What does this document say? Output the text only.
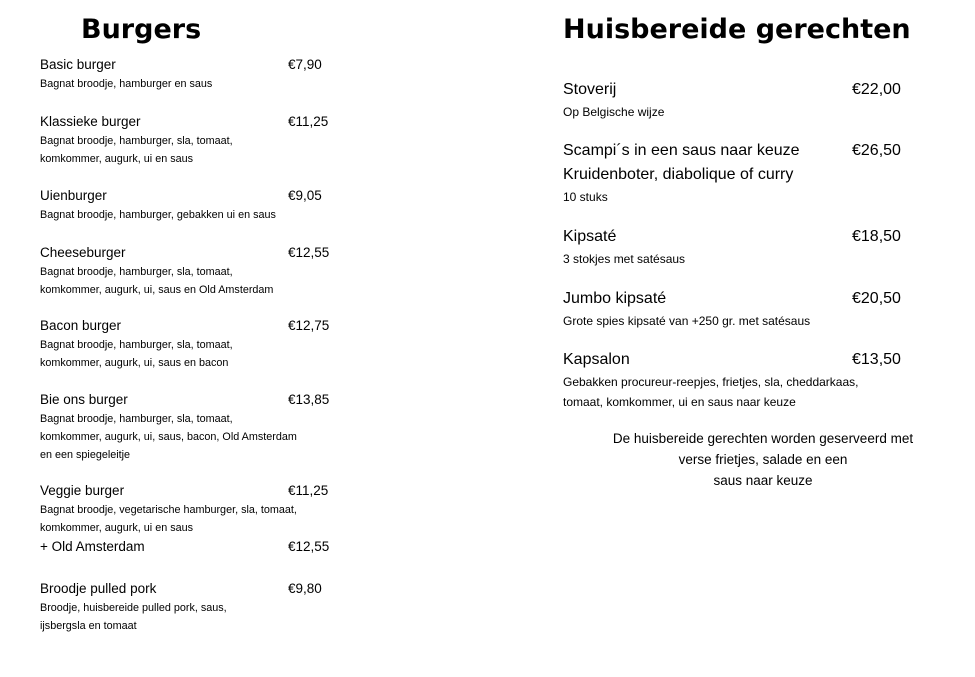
Burgers
Basic burger	€7,90
Bagnat broodje, hamburger en saus
Klassieke burger	€11,25
Bagnat broodje, hamburger, sla, tomaat,
komkommer, augurk, ui en saus
Uienburger	€9,05
Bagnat broodje, hamburger, gebakken ui en saus
Cheeseburger	€12,55
Bagnat broodje, hamburger, sla, tomaat,
komkommer, augurk, ui, saus en Old Amsterdam
Bacon burger	€12,75
Bagnat broodje, hamburger, sla, tomaat,
komkommer, augurk, ui, saus en bacon
Bie ons burger	€13,85
Bagnat broodje, hamburger, sla, tomaat,
komkommer, augurk, ui, saus, bacon, Old Amsterdam
en een spiegeleitje
Veggie burger	€11,25
Bagnat broodje, vegetarische hamburger, sla, tomaat,
komkommer, augurk, ui en saus
+ Old Amsterdam	€12,55
Broodje pulled pork	€9,80
Broodje, huisbereide pulled pork, saus,
ijsbergsla en tomaat
Huisbereide gerechten
Stoverij	€22,00
Op Belgische wijze
Scampi´s in een saus naar keuze	€26,50
Kruidenboter, diabolique of curry
10 stuks
Kipsaté	€18,50
3 stokjes met satésaus
Jumbo kipsaté	€20,50
Grote spies kipsaté van +250 gr. met satésaus
Kapsalon	€13,50
Gebakken procureur-reepjes, frietjes, sla, cheddarkaas,
tomaat, komkommer, ui en saus naar keuze
De huisbereide gerechten worden geserveerd met
verse frietjes, salade en een
saus naar keuze
